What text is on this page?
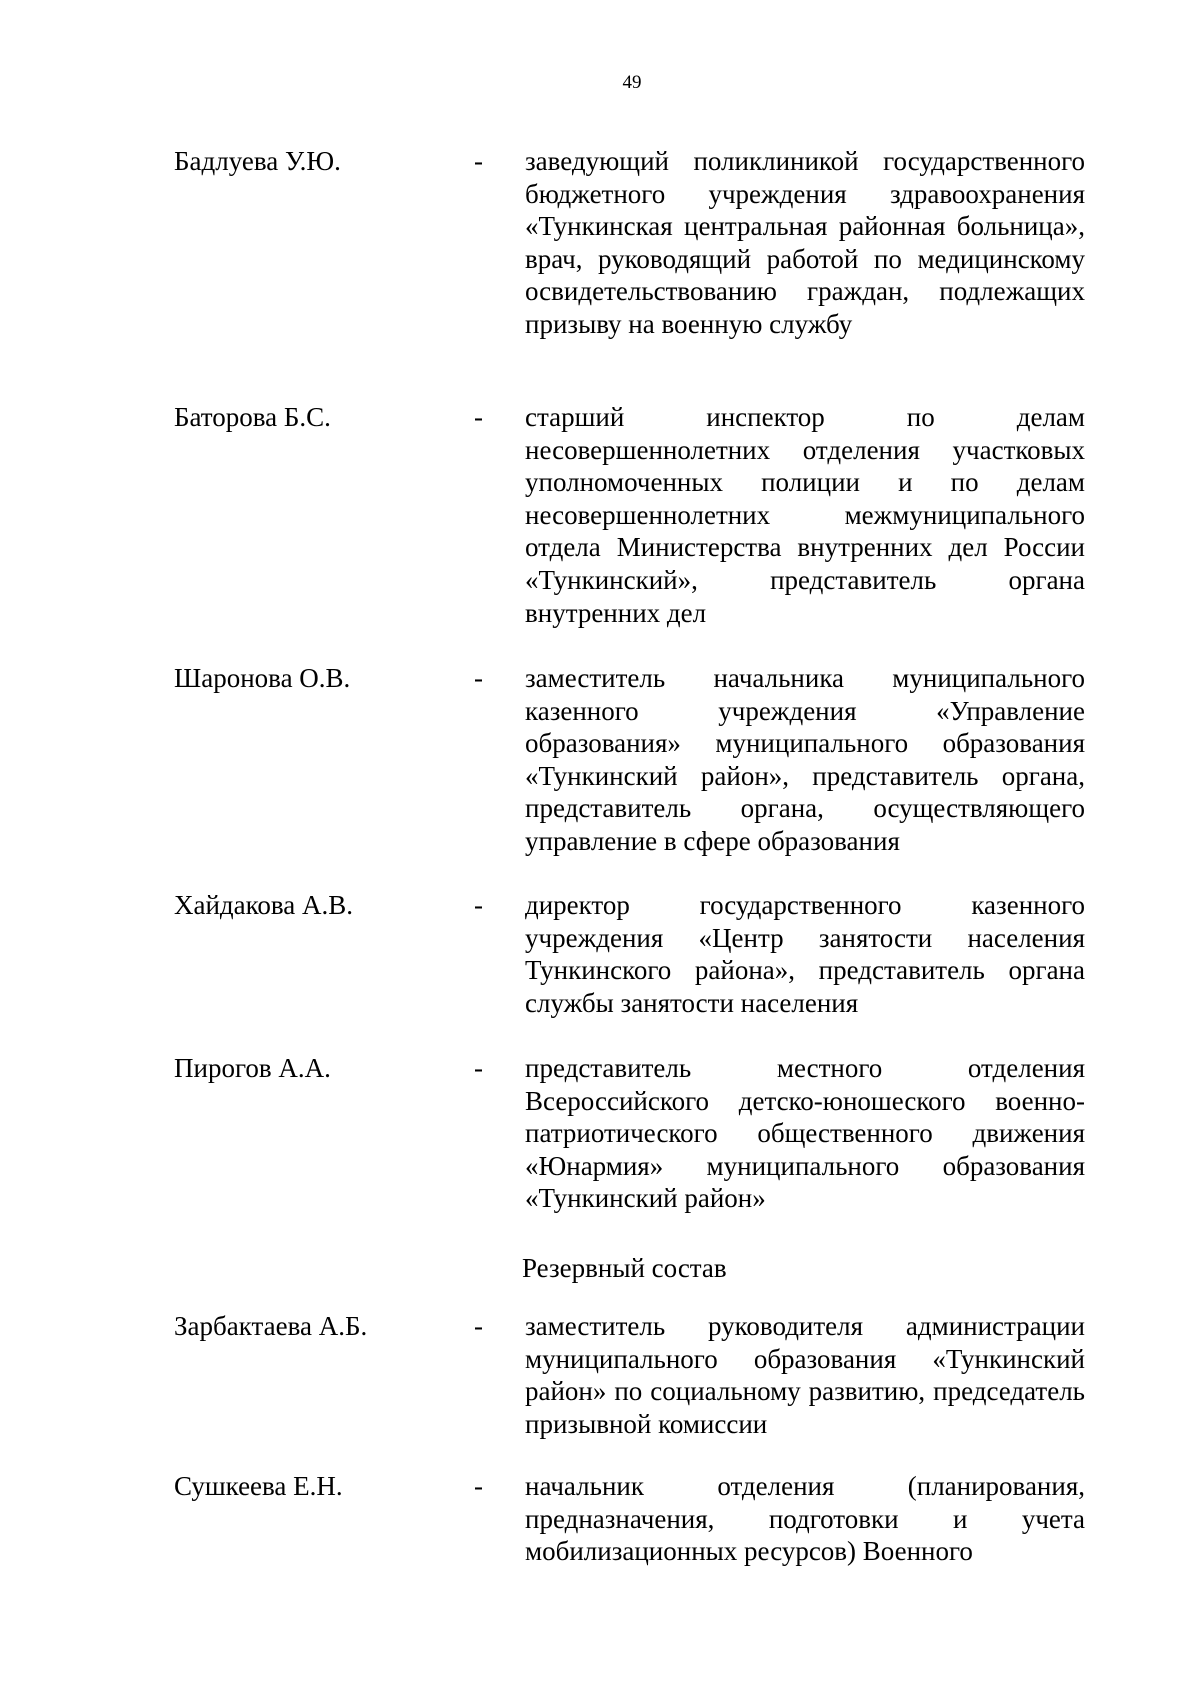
49
Бадлуева У.Ю.	- заведующий поликлиникой государственного бюджетного учреждения здравоохранения «Тункинская центральная районная больница», врач, руководящий работой по медицинскому освидетельствованию граждан, подлежащих призыву на военную службу
Баторова Б.С.	- старший инспектор по делам несовершеннолетних отделения участковых уполномоченных полиции и по делам несовершеннолетних межмуниципального отдела Министерства внутренних дел России «Тункинский», представитель органа внутренних дел
Шаронова О.В.	- заместитель начальника муниципального казенного учреждения «Управление образования» муниципального образования «Тункинский район», представитель органа, представитель органа, осуществляющего управление в сфере образования
Хайдакова А.В.	- директор государственного казенного учреждения «Центр занятости населения Тункинского района», представитель органа службы занятости населения
Пирогов А.А.	- представитель местного отделения Всероссийского детско-юношеского военно-патриотического общественного движения «Юнармия» муниципального образования «Тункинский район»
Резервный состав
Зарбактаева А.Б.	- заместитель руководителя администрации муниципального образования «Тункинский район» по социальному развитию, председатель призывной комиссии
Сушкеева Е.Н.	- начальник отделения (планирования, предназначения, подготовки и учета мобилизационных ресурсов) Военного
